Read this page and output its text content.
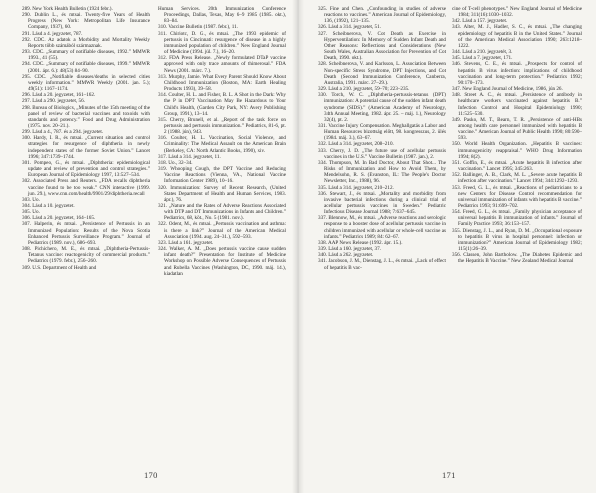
289. New York Health Bulletin (1924 febr.).

290. Dublin L., és mtsai. Twenty-five Years of Health Progress (New York: Metropolitan Life Insurance Company, 1937), 60.

291. Lásd a 4. jegyzetet, 787.

292. CDC. Az adatok a Morbidity and Mortality Weekly Reports több számából származnak.

293. CDC. „Summary of notifiable diseases, 1992.” MMWR 1993., 41 (55).

294. CDC. „Summary of notifiable diseases, 1999.” MMWR (2001. ápr. 6.): 48(53) 84–90.

295. CDC. „Notifiable diseases/deaths in selected cities weekly information.” MMWR Weekly (2001. jan. 5.); 49(51): 1167–1174.

296. Lásd a 20. jegyzetet, 161–162.

297. Lásd a 290. jegyzetet, 56.

298. Bureau of Biologics, „Minutes of the 15th meeting of the panel of review of bacterial vaccines and toxoids with standards and potency.” Food and Drug Administration (1975. nov. 20–21.).

299. Lásd a 4., 787. és a 294. jegyzetet.

300. Hardy, I. R., és mtsai. „Current situation and control strategies for resurgence of diphtheria in newly independent states of the former Soviet Union.” Lancet 1996; 347:1739–1744.

301. Pompeo, G., és mtsai. „Diphtheria: epidemiological update and review of prevention and control strategies.” European Journal of Epidemiology 1997, 13:527–534.

302. Associated Press and Reuters. „FDA recalls diphtheria vaccine found to be too weak.” CNN interactive (1999. jun. 29.), www.cnn.com/health/9901/29/diphtheria.recall

303. Uo.

304. Lásd a 10. jegyzetet.

305. Uo.

306. Lásd a 20. jegyzetet, 164–165.

307. Halperin, és mtsai. „Persistence of Pertussis in an Immunized Population: Results of the Nova Scotia Enhanced Pertussis Surveillance Program.” Journal of Pediatrics (1989. nov.), 686–693.

308. Pichichero, M. E., és mtsai. „Diphtheria-Pertussis-Tetanus vaccine: reactogenicity of commercial products.” Pediatrics (1979. febr.), 256–260.

309. U.S. Department of Health and

Human Services. 20th Immunization Conference Proceedings, Dallas, Texas, May 6–9 1985 (1985. okt.), 83–84.

310. Vaccine Bulletin (1987. febr.), 11.

311. Chiriotc, D. G., és mtsai. „The 1993 epidemic of pertussis in Cincinnati: resurgence of disease in a highly immunized population of children.” New England Journal of Medicine (1994. júl. 7.), 16–20.

312. FDA Press Release. „Newly formulated DTaP vaccine approved with only trace amounts of thimerosal.” FDA News (2001. márc. 7.).

313. Murphy, Jamie. What Every Parent Should Know About Childhood Immunization (Boston, MA: Earth Healing Products 1993), 39–58.

314. Coulter, H. L. and Fisher, B. L. A Shot in the Dark: Why the P in DPT Vaccination May Be Hazardous to Your Child's Health, (Garden City Park, NY: Avery Publishing Group, 1991), 13–14.

315. Cherry, Brunell, et al. „Report of the task force on pertussis and pertussis immunization.” Pediatrics, 81-6, pt. 2 (1988. jún), 943.

316. Coulter, H. L. Vaccination, Social Violence, and Criminality: The Medical Assault on the American Brain (Berkeley, CA: North Atlantic Books, 1990), xiv.

317. Lásd a 314. jegyzetet, 11.

318. Uo., 32–34.

319. Whooping Cough, the DPT Vaccine and Reducing Vaccine Reactions (Vienna, VA., National Vaccine Information Center 1989), 10–16.

320. Immunization: Survey of Recent Research, (United States Department of Health and Human Services, 1983. ápr.), 76.

321. „Nature and the Rates of Adverse Reactions Associated with DTP and DT Immunizations in Infants and Children.” Pediatrics, 68, köt., No. 5 (1981. nov.).

322. Odent, M., és mtsai. „Pertussis vaccination and asthma: is there a link?” Journal of the American Medical Association (1994. aug. 24–31.), 592–593.

323. Lásd a 161. jegyzetet.

324. Walker, A. M. „Does pertussis vaccine cause sudden infant death?” Presentation for Institute of Medicine Workshop on Possible Adverse Consequences of Pertussis and Rubella Vaccines (Washington, DC, 1990. máj. 14.), kiadatlan

170

325. Fine and Chen. „Confounding in studies of adverse reactions to vaccines.” American Journal of Epidemiology, 136, (1992), 121–135.

326. Lásd a 314. jegyzetet, 51.

327. Scheibnerova, V. Cot Death as Exercise in Hyperventilation: In Memory of Sudden Infant Death and Other Reasons: Reflections and Considerations (New South Wales, Australian Association for Prevention of Cot Death, 1990. okt.).

328. Scheibnerova, V. and Karlsson, L. Association Between Non-specific Stress Syndrome, DPT Injections, and Cot Death (Second Immunization Conference, Canberra, Australia, 1991. márc. 27–29.).

329. Lásd a 210. jegyzetet, 59–70; 223–235.

330. Torch, W. C. „Diphtheria-pertussis-tetanus (DPT) immunization: A potential cause of the sudden infant death syndrome (SIDS).” (American Academy of Neurology, 34th Annual Meeting, 1982. ápr. 25. – máj. 1.), Neurology 32(4), pt. 2.

331. Vaccine Injury Compensation. Meghallgatás a Labor and Human Resources bizottság előtt, 98. kongresszus, 2. ülés (1984. máj. 3.), 63–67.

332. Lásd a 314. jegyzetet, 208–210.

333. Cherry, J. D. „The future use of acellular pertussis vaccines in the U.S.” Vaccine Bulletin (1987. jan.), 2.

334. Thompson, M. In Bad Doctor, About That Shot... The Risks of Immunization and How to Avoid Them, by Mendelsohn, R. S. (Evanston, IL: The People's Doctor Newsletter, Inc., 1988), 96.

335. Lásd a 314. jegyzetet, 210–212.

336. Stewart, J., és mtsai. „Mortality and morbidity from invasive bacterial infections during a clinical trial of acellular pertussis vaccines in Sweden.” Pediatric Infectious Disease Journal 1988; 7:637–645.

337. Blennow, M., és mtsai. „Adverse reactions and serologic response to a booster dose of acellular pertussis vaccine in children immunized with acellular or whole-cell vaccine as infants.” Pediatrics 1989; 84: 62–67.

338. AAP News Release (1992. ápr. 15.).

339. Lásd a 160. jegyzetet, 37.

340. Lásd a 262. jegyzetet.

341. Jacobson, J. M., Dienstag, J. L., és mtsai. „Lack of effect of hepatitis B vac-

cine of T-cell phenotypes.” New England Journal of Medicine 1984; 311(16):1030–1032.

342. Lásd a 157. jegyzetet.

343. Alter, M. J., Hadler, S. C., és mtsai. „The changing epidemiology of hepatitis B in the United States.” Journal of the American Medical Association 1990; 263:1218–1222.

344. Lásd a 210. jegyzetét, 3.

345. Lásd a 7. jegyzetet, 171.

346. Stevens, C. E., és mtsai. „Prospects for control of hepatitis B virus infection: implications of childhood vaccination and long-term protection.” Pediatrics 1992; 90:170–173.

347. New England Journal of Medicine, 1986, jún 26.

348. Street A. C., és mtsai. „Persistence of antibody in healthcare workers vaccinated against hepatitis B.” Infection Control and Hospital Epidemiology 1990; 11:525–530.

349. Pasko, M. T., Bearn, T. R. „Persistence of anti-HBs among health care personnel immunized with hepatitis B vaccine.” American Journal of Public Health 1990; 80:590–593.

350. World Health Organization. „Hepatitis B vaccines: immunogenicity reappraisal.” WHO Drug Information 1994; 8(2).

351. Goffin, E., és mtsai. „Acute hepatitis B infection after vaccination.” Lancet 1995; 345:263.

352. Ballinger, A. B., Clark, M. L. „Severe acute hepatitis B infection after vaccination.” Lancet 1994; 344:1292–1293.

353. Freed, G. L., és mtsai. „Reactions of pediatricians to a new Centers for Disease Control recommendation for universal immunization of infants with hepatitis B vaccine.” Pediatrics 1993; 91:699–702.

354. Freed, G. L., és mtsai. „Family physician acceptance of universal hepatitis B immunization of infants.” Journal of Family Practice 1993; 36:153–157.

355. Dienstag, J. L., and Ryan, D. M. „Occupational exposure to hepatitis B virus in hospital personnel: infection or immunization?” American Journal of Epidemiology 1982; 115(1):26–39.

356. Classen, John Bartholow. „The Diabetes Epidemic and the Hepatitis B Vaccine.” New Zealand Medical Journal

171
